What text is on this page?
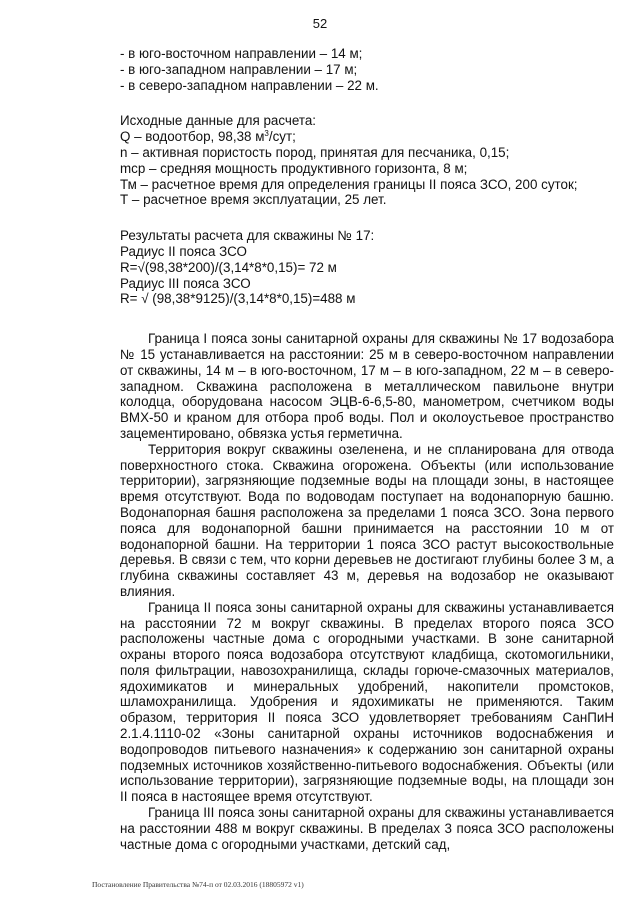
52
- в юго-восточном направлении – 14 м;
- в юго-западном направлении – 17 м;
- в северо-западном направлении – 22 м.
Исходные данные для расчета:
Q – водоотбор, 98,38 $м^3$/сут;
n – активная пористость пород, принятая для песчаника, 0,15;
mср – средняя мощность продуктивного горизонта, 8 м;
Тм – расчетное время для определения границы II пояса ЗСО, 200 суток;
Т – расчетное время эксплуатации, 25 лет.
Результаты расчета для скважины № 17:
Радиус II пояса ЗСО
R=√(98,38*200)/(3,14*8*0,15)= 72 м
Радиус III пояса ЗСО
R= √ (98,38*9125)/(3,14*8*0,15)=488 м

Граница I пояса зоны санитарной охраны для скважины № 17 водозабора № 15 устанавливается на расстоянии: 25 м в северо-восточном направлении от скважины, 14 м – в юго-восточном, 17 м – в юго-западном, 22 м – в северо-западном. Скважина расположена в металлическом павильоне внутри колодца, оборудована насосом ЭЦВ-6-6,5-80, манометром, счетчиком воды ВМХ-50 и краном для отбора проб воды. Пол и околоустьевое пространство зацементировано, обвязка устья герметична.

Территория вокруг скважины озеленена, и не спланирована для отвода поверхностного стока. Скважина огорожена. Объекты (или использование территории), загрязняющие подземные воды на площади зоны, в настоящее время отсутствуют. Вода по водоводам поступает на водонапорную башню. Водонапорная башня расположена за пределами 1 пояса ЗСО. Зона первого пояса для водонапорной башни принимается на расстоянии 10 м от водонапорной башни. На территории 1 пояса ЗСО растут высокоствольные деревья. В связи с тем, что корни деревьев не достигают глубины более 3 м, а глубина скважины составляет 43 м, деревья на водозабор не оказывают влияния.

Граница II пояса зоны санитарной охраны для скважины устанавливается на расстоянии 72 м вокруг скважины. В пределах второго пояса ЗСО расположены частные дома с огородными участками. В зоне санитарной охраны второго пояса водозабора отсутствуют кладбища, скотомогильники, поля фильтрации, навозохранилища, склады горюче-смазочных материалов, ядохимикатов и минеральных удобрений, накопители промстоков, шламохранилища. Удобрения и ядохимикаты не применяются. Таким образом, территория II пояса ЗСО удовлетворяет требованиям СанПиН 2.1.4.1110-02 «Зоны санитарной охраны источников водоснабжения и водопроводов питьевого назначения» к содержанию зон санитарной охраны подземных источников хозяйственно-питьевого водоснабжения. Объекты (или использование территории), загрязняющие подземные воды, на площади зон II пояса в настоящее время отсутствуют.

Граница III пояса зоны санитарной охраны для скважины устанавливается на расстоянии 488 м вокруг скважины. В пределах 3 пояса ЗСО расположены частные дома с огородными участками, детский сад,

Постановление Правительства №74-п от 02.03.2016 (18805972 v1)
